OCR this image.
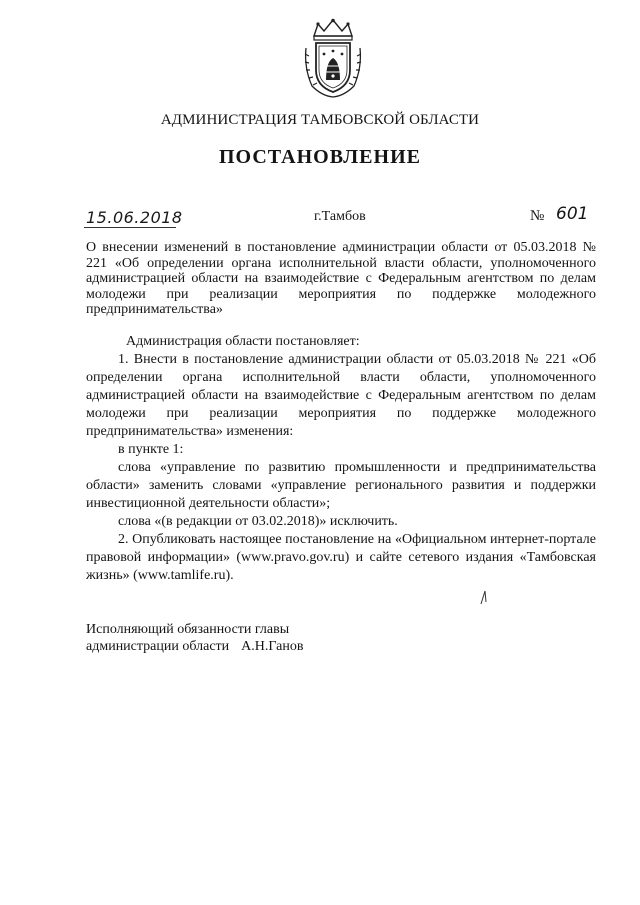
АДМИНИСТРАЦИЯ ТАМБОВСКОЙ ОБЛАСТИ
ПОСТАНОВЛЕНИЕ
15.06.2018	г.Тамбов	№ 601
О внесении изменений в постановление администрации области от 05.03.2018 № 221 «Об определении органа исполнительной власти области, уполномоченного администрацией области на взаимодействие с Федеральным агентством по делам молодежи при реализации мероприятия по поддержке молодежного предпринимательства»

Администрация области постановляет:

1. Внести в постановление администрации области от 05.03.2018 № 221 «Об определении органа исполнительной власти области, уполномоченного администрацией области на взаимодействие с Федеральным агентством по делам молодежи при реализации мероприятия по поддержке молодежного предпринимательства» изменения:

в пункте 1:

слова «управление по развитию промышленности и предпринимательства области» заменить словами «управление регионального развития и поддержки инвестиционной деятельности области»;

слова «(в редакции от 03.02.2018)» исключить.

2. Опубликовать настоящее постановление на «Официальном интернет-портале правовой информации» (www.pravo.gov.ru) и сайте сетевого издания «Тамбовская жизнь» (www.tamlife.ru).

Исполняющий обязанности главы
администрации области А.Н.Ганов
